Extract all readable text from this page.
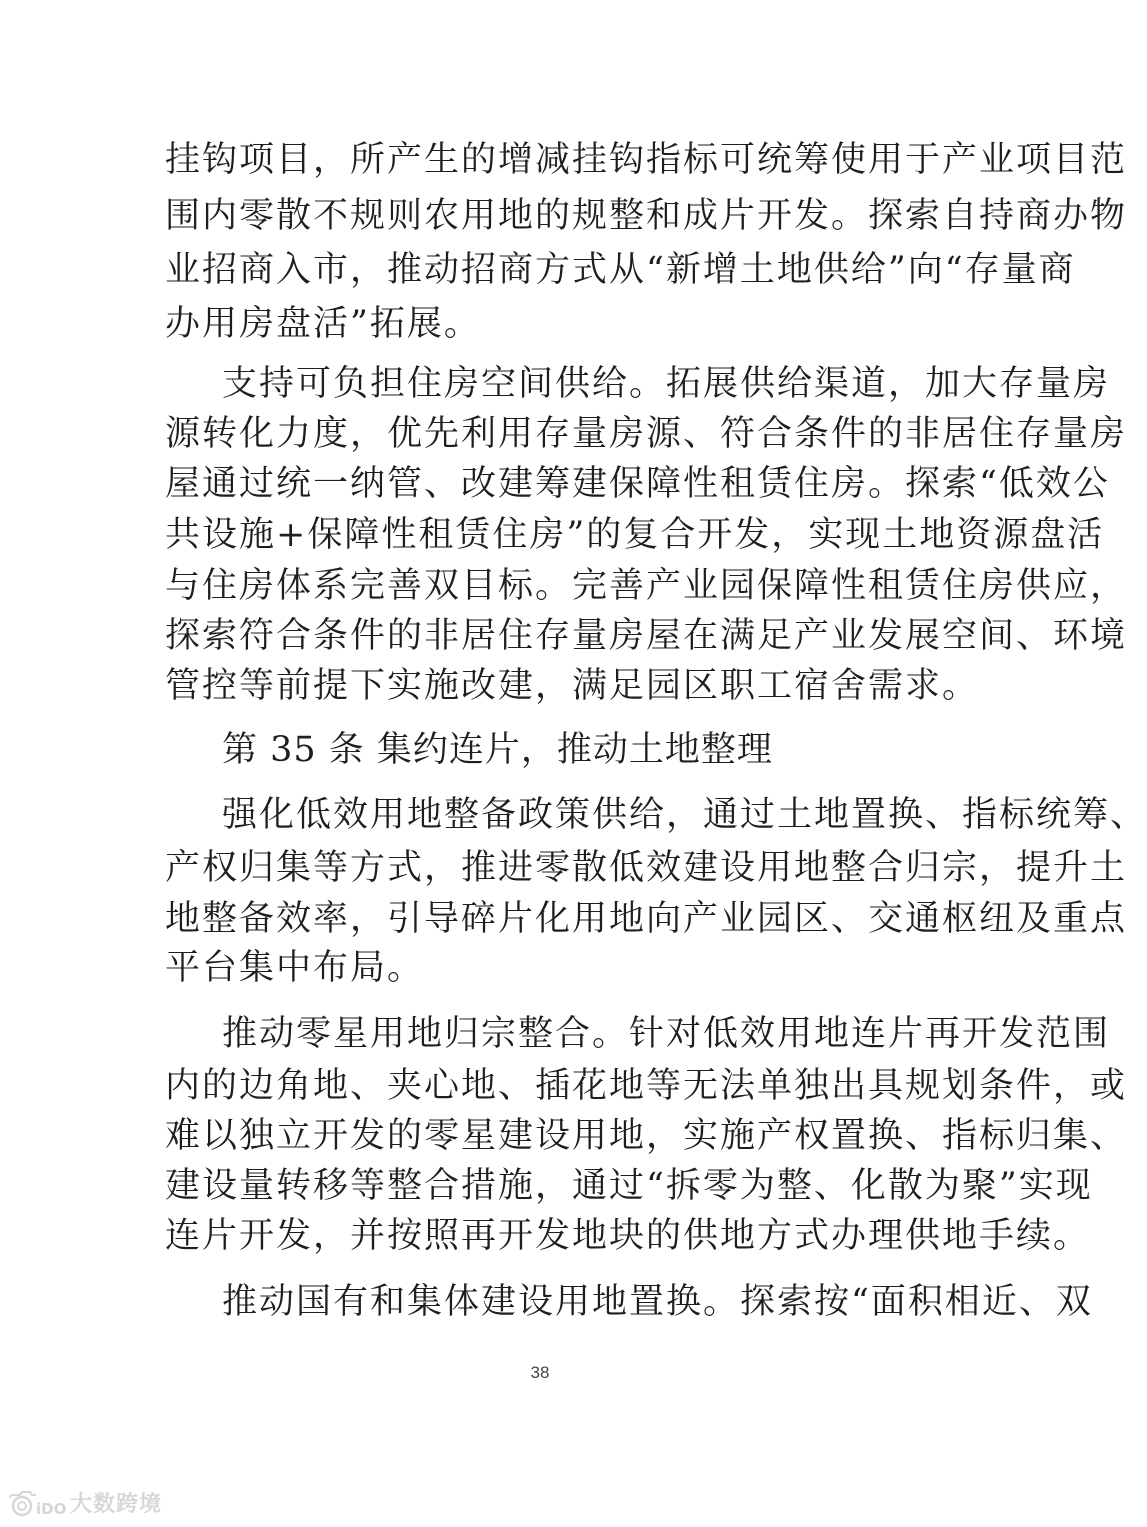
挂钩项目，所产生的增减挂钩指标可统筹使用于产业项目范
围内零散不规则农用地的规整和成片开发。探索自持商办物
业招商入市，推动招商方式从“新增土地供给”向“存量商
办用房盘活”拓展。
支持可负担住房空间供给。拓展供给渠道，加大存量房
源转化力度，优先利用存量房源、符合条件的非居住存量房
屋通过统一纳管、改建筹建保障性租赁住房。探索“低效公
共设施+保障性租赁住房”的复合开发，实现土地资源盘活
与住房体系完善双目标。完善产业园保障性租赁住房供应，
探索符合条件的非居住存量房屋在满足产业发展空间、环境
管控等前提下实施改建，满足园区职工宿舍需求。
第 35 条 集约连片，推动土地整理
强化低效用地整备政策供给，通过土地置换、指标统筹、
产权归集等方式，推进零散低效建设用地整合归宗，提升土
地整备效率，引导碎片化用地向产业园区、交通枢纽及重点
平台集中布局。
推动零星用地归宗整合。针对低效用地连片再开发范围
内的边角地、夹心地、插花地等无法单独出具规划条件，或
难以独立开发的零星建设用地，实施产权置换、指标归集、
建设量转移等整合措施，通过“拆零为整、化散为聚”实现
连片开发，并按照再开发地块的供地方式办理供地手续。
推动国有和集体建设用地置换。探索按“面积相近、双
38
iDO 大数跨境
